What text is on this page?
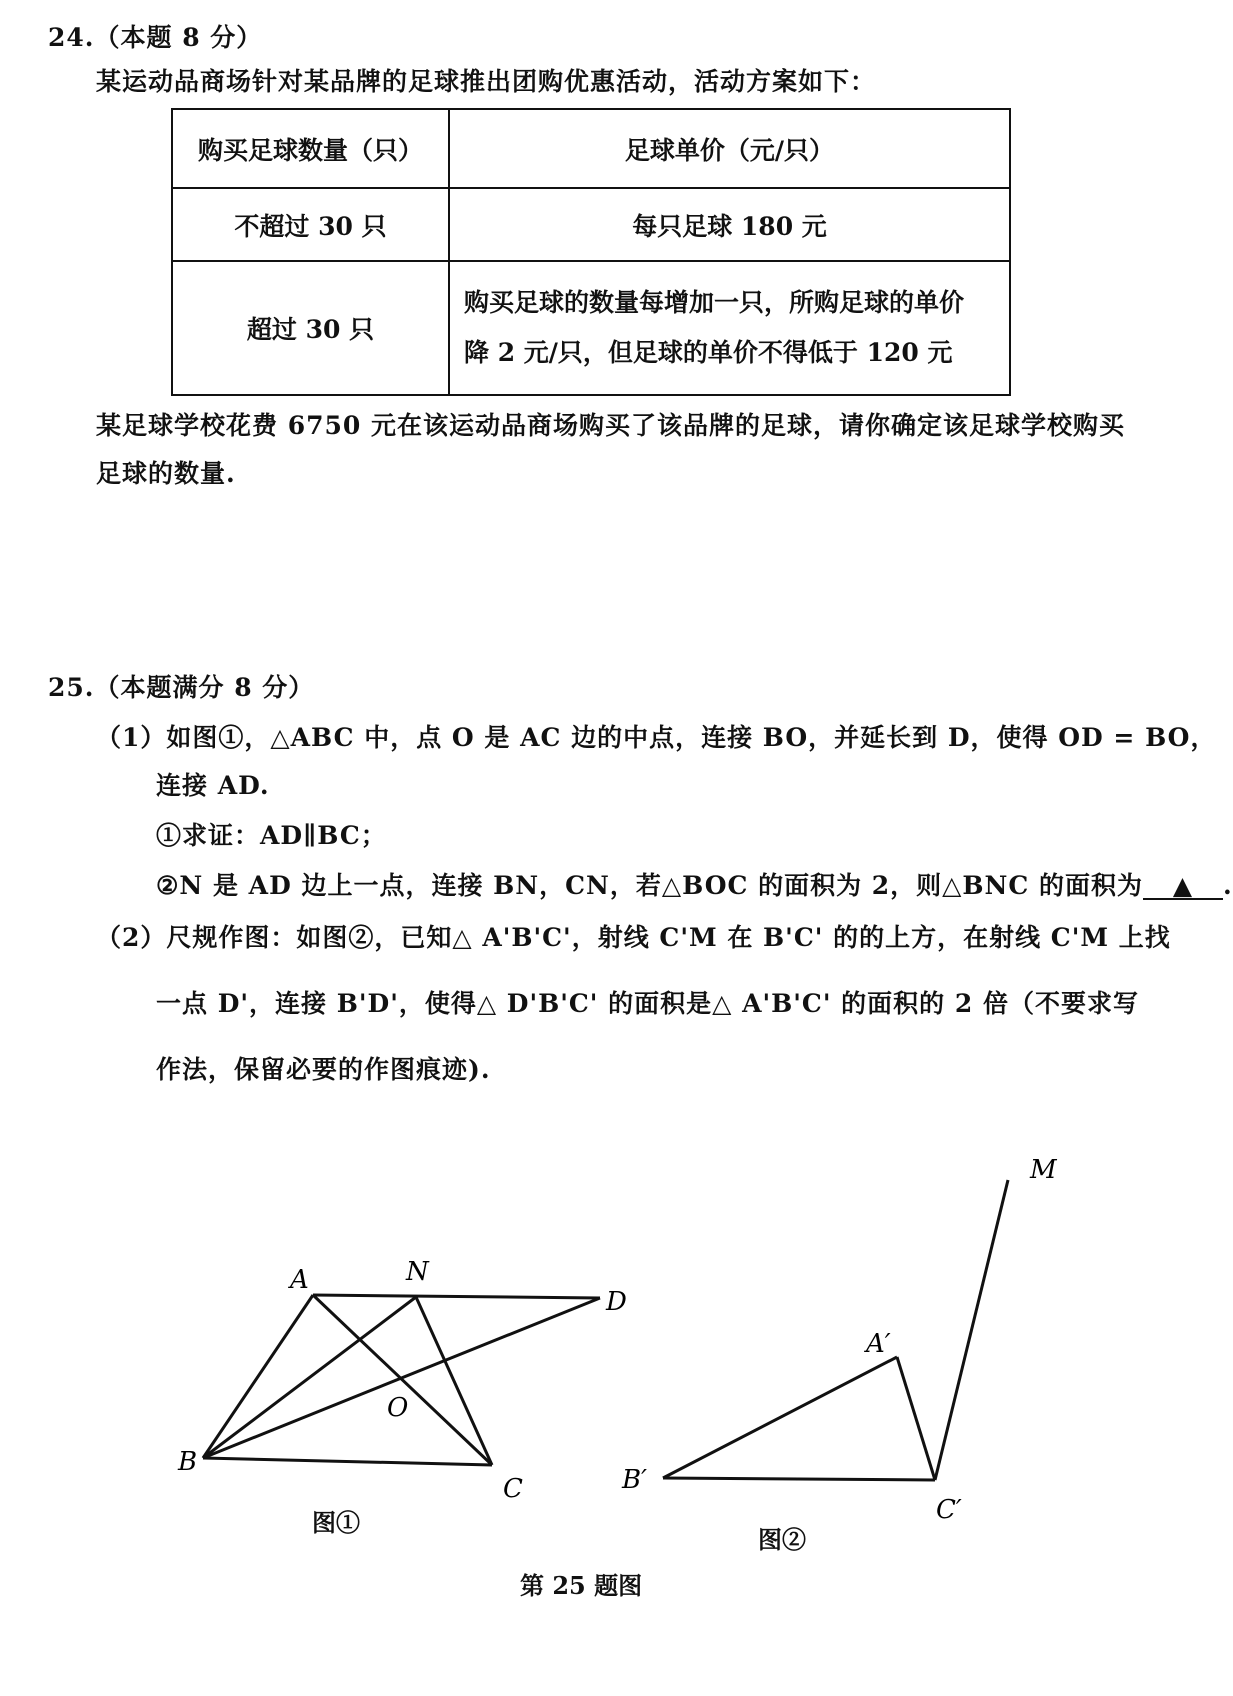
24.（本题 8 分）
某运动品商场针对某品牌的足球推出团购优惠活动，活动方案如下：
购买足球数量（只）	足球单价（元/只）
不超过 30 只	每只足球 180 元
超过 30 只	购买足球的数量每增加一只，所购足球的单价
降 2 元/只，但足球的单价不得低于 120 元
某足球学校花费 6750 元在该运动品商场购买了该品牌的足球，请你确定该足球学校购买
足球的数量.
25.（本题满分 8 分）
（1）如图①，△ABC 中，点 O 是 AC 边的中点，连接 BO，并延长到 D，使得 OD = BO，
连接 AD.
①求证：AD∥BC；
②N 是 AD 边上一点，连接 BN，CN，若△BOC 的面积为 2，则△BNC 的面积为 ▲ .
（2）尺规作图：如图②，已知△ A'B'C'，射线 C'M 在 B'C' 的的上方，在射线 C'M 上找
一点 D'，连接 B'D'，使得△ D'B'C' 的面积是△ A'B'C' 的面积的 2 倍（不要求写
作法，保留必要的作图痕迹).
A	N
D
O
B
C
A′
B′
C′
M
图①
图②
第 25 题图
